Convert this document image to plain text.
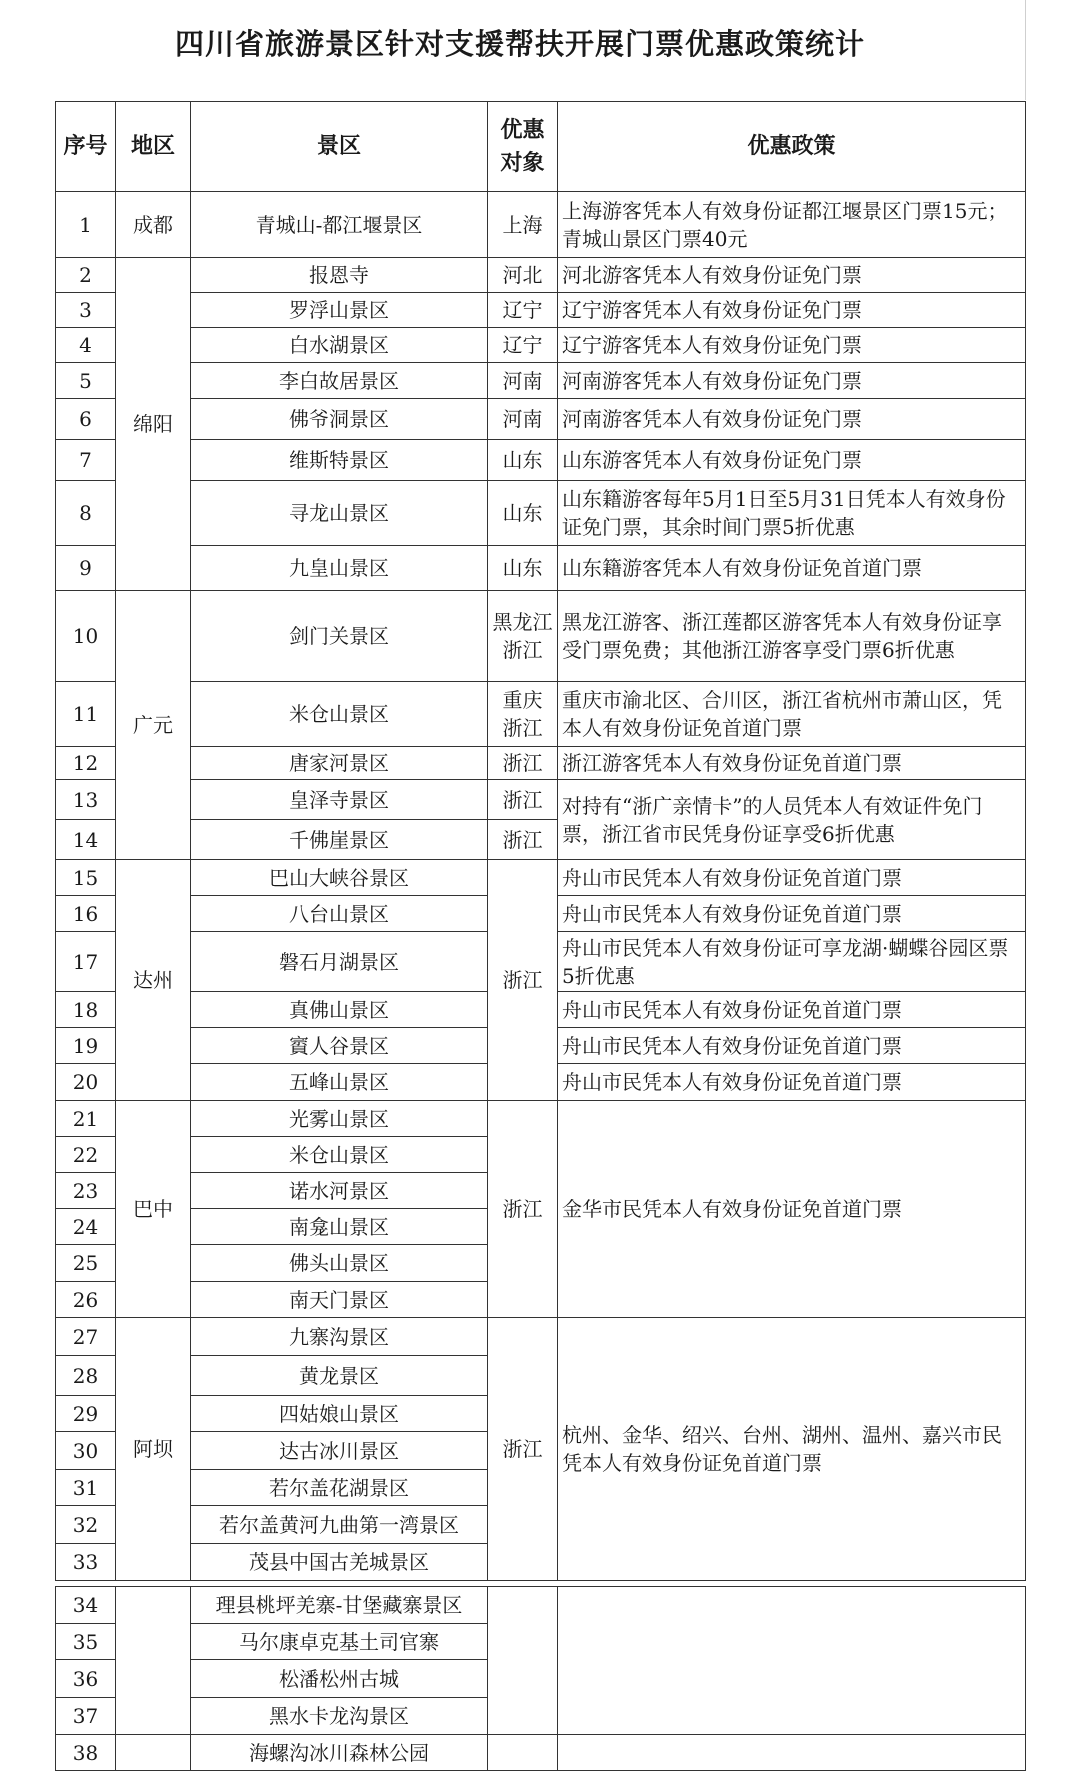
四川省旅游景区针对支援帮扶开展门票优惠政策统计
序号	地区	景区	优惠对象	优惠政策
1	成都	青城山-都江堰景区	上海	上海游客凭本人有效身份证都江堰景区门票15元；青城山景区门票40元
2	绵阳	报恩寺	河北	河北游客凭本人有效身份证免门票
3		罗浮山景区	辽宁	辽宁游客凭本人有效身份证免门票
4		白水湖景区	辽宁	辽宁游客凭本人有效身份证免门票
5		李白故居景区	河南	河南游客凭本人有效身份证免门票
6		佛爷洞景区	河南	河南游客凭本人有效身份证免门票
7		维斯特景区	山东	山东游客凭本人有效身份证免门票
8		寻龙山景区	山东	山东籍游客每年5月1日至5月31日凭本人有效身份证免门票，其余时间门票5折优惠
9		九皇山景区	山东	山东籍游客凭本人有效身份证免首道门票
10	广元	剑门关景区	黑龙江 浙江	黑龙江游客、浙江莲都区游客凭本人有效身份证享受门票免费；其他浙江游客享受门票6折优惠
11		米仓山景区	重庆 浙江	重庆市渝北区、合川区，浙江省杭州市萧山区，凭本人有效身份证免首道门票
12		唐家河景区	浙江	浙江游客凭本人有效身份证免首道门票
13		皇泽寺景区	浙江	对持有“浙广亲情卡”的人员凭本人有效证件免门票，浙江省市民凭身份证享受6折优惠
14		千佛崖景区	浙江	
15	达州	巴山大峡谷景区	浙江	舟山市民凭本人有效身份证免首道门票
16		八台山景区		舟山市民凭本人有效身份证免首道门票
17		磐石月湖景区		舟山市民凭本人有效身份证可享龙湖·蝴蝶谷园区票5折优惠
18		真佛山景区		舟山市民凭本人有效身份证免首道门票
19		賨人谷景区		舟山市民凭本人有效身份证免首道门票
20		五峰山景区		舟山市民凭本人有效身份证免首道门票
21	巴中	光雾山景区	浙江	金华市民凭本人有效身份证免首道门票
22		米仓山景区		
23		诺水河景区		
24		南龛山景区		
25		佛头山景区		
26		南天门景区		
27	阿坝	九寨沟景区	浙江	杭州、金华、绍兴、台州、湖州、温州、嘉兴市民凭本人有效身份证免首道门票
28		黄龙景区		
29		四姑娘山景区		
30		达古冰川景区		
31		若尔盖花湖景区		
32		若尔盖黄河九曲第一湾景区		
33		茂县中国古羌城景区		

34		理县桃坪羌寨-甘堡藏寨景区		
35		马尔康卓克基土司官寨		
36		松潘松州古城		
37		黑水卡龙沟景区		
38		海螺沟冰川森林公园		
